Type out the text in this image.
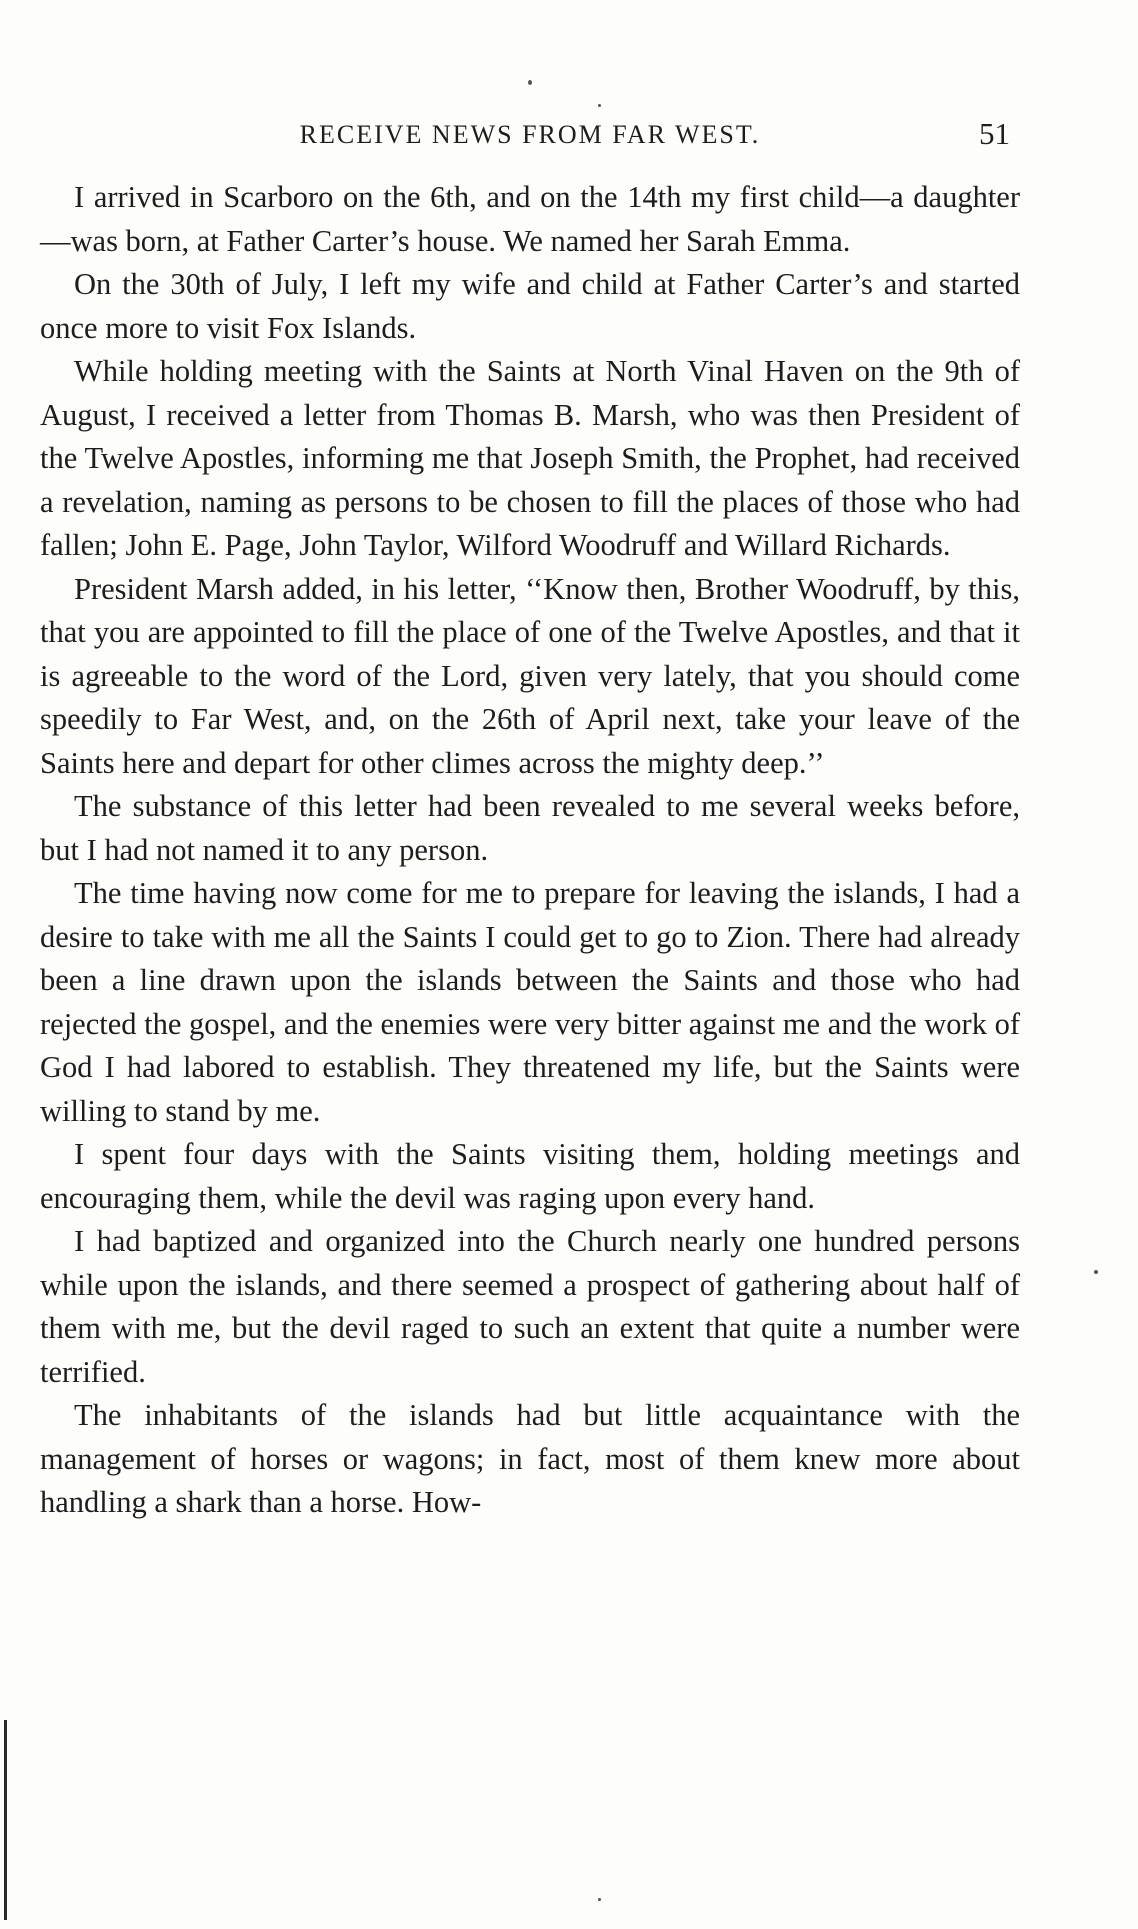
RECEIVE NEWS FROM FAR WEST.	51

I arrived in Scarboro on the 6th, and on the 14th my first child—a daughter—was born, at Father Carter’s house. We named her Sarah Emma.

On the 30th of July, I left my wife and child at Father Carter’s and started once more to visit Fox Islands.

While holding meeting with the Saints at North Vinal Haven on the 9th of August, I received a letter from Thomas B. Marsh, who was then President of the Twelve Apostles, informing me that Joseph Smith, the Prophet, had received a revelation, naming as persons to be chosen to fill the places of those who had fallen; John E. Page, John Taylor, Wilford Woodruff and Willard Richards.

President Marsh added, in his letter, ‘‘Know then, Brother Woodruff, by this, that you are appointed to fill the place of one of the Twelve Apostles, and that it is agreeable to the word of the Lord, given very lately, that you should come speedily to Far West, and, on the 26th of April next, take your leave of the Saints here and depart for other climes across the mighty deep.’’

The substance of this letter had been revealed to me several weeks before, but I had not named it to any person.

The time having now come for me to prepare for leaving the islands, I had a desire to take with me all the Saints I could get to go to Zion. There had already been a line drawn upon the islands between the Saints and those who had rejected the gospel, and the enemies were very bitter against me and the work of God I had labored to establish. They threatened my life, but the Saints were willing to stand by me.

I spent four days with the Saints visiting them, holding meetings and encouraging them, while the devil was raging upon every hand.

I had baptized and organized into the Church nearly one hundred persons while upon the islands, and there seemed a prospect of gathering about half of them with me, but the devil raged to such an extent that quite a number were terrified.

The inhabitants of the islands had but little acquaintance with the management of horses or wagons; in fact, most of them knew more about handling a shark than a horse. How-
